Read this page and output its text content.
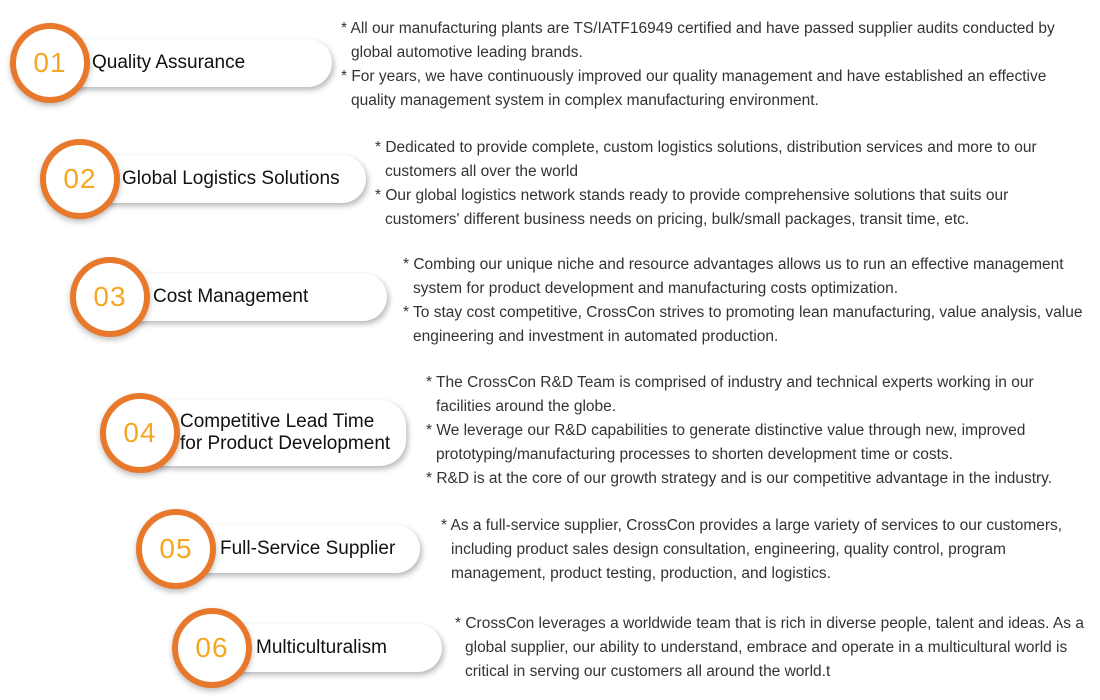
Quality Assurance
01

* All our manufacturing plants are TS/IATF16949 certified and have passed supplier audits conducted by global automotive leading brands.

* For years, we have continuously improved our quality management and have established an effective quality management system in complex manufacturing environment.

Global Logistics Solutions
02

* Dedicated to provide complete, custom logistics solutions, distribution services and more to our customers all over the world

* Our global logistics network stands ready to provide comprehensive solutions that suits our customers' different business needs on pricing, bulk/small packages, transit time, etc.

Cost Management
03

* Combing our unique niche and resource advantages allows us to run an effective management system for product development and manufacturing costs optimization.

* To stay cost competitive, CrossCon strives to promoting lean manufacturing, value analysis, value engineering and investment in automated production.

Competitive Lead Time
for Product Development
04

* The CrossCon R&D Team is comprised of industry and technical experts working in our facilities around the globe.

* We leverage our R&D capabilities to generate distinctive value through new, improved prototyping/manufacturing processes to shorten development time or costs.

* R&D is at the core of our growth strategy and is our competitive advantage in the industry.

Full-Service Supplier
05

* As a full-service supplier, CrossCon provides a large variety of services to our customers, including product sales design consultation, engineering, quality control, program management, product testing, production, and logistics.

Multiculturalism
06

* CrossCon leverages a worldwide team that is rich in diverse people, talent and ideas. As a global supplier, our ability to understand, embrace and operate in a multicultural world is critical in serving our customers all around the world.t
